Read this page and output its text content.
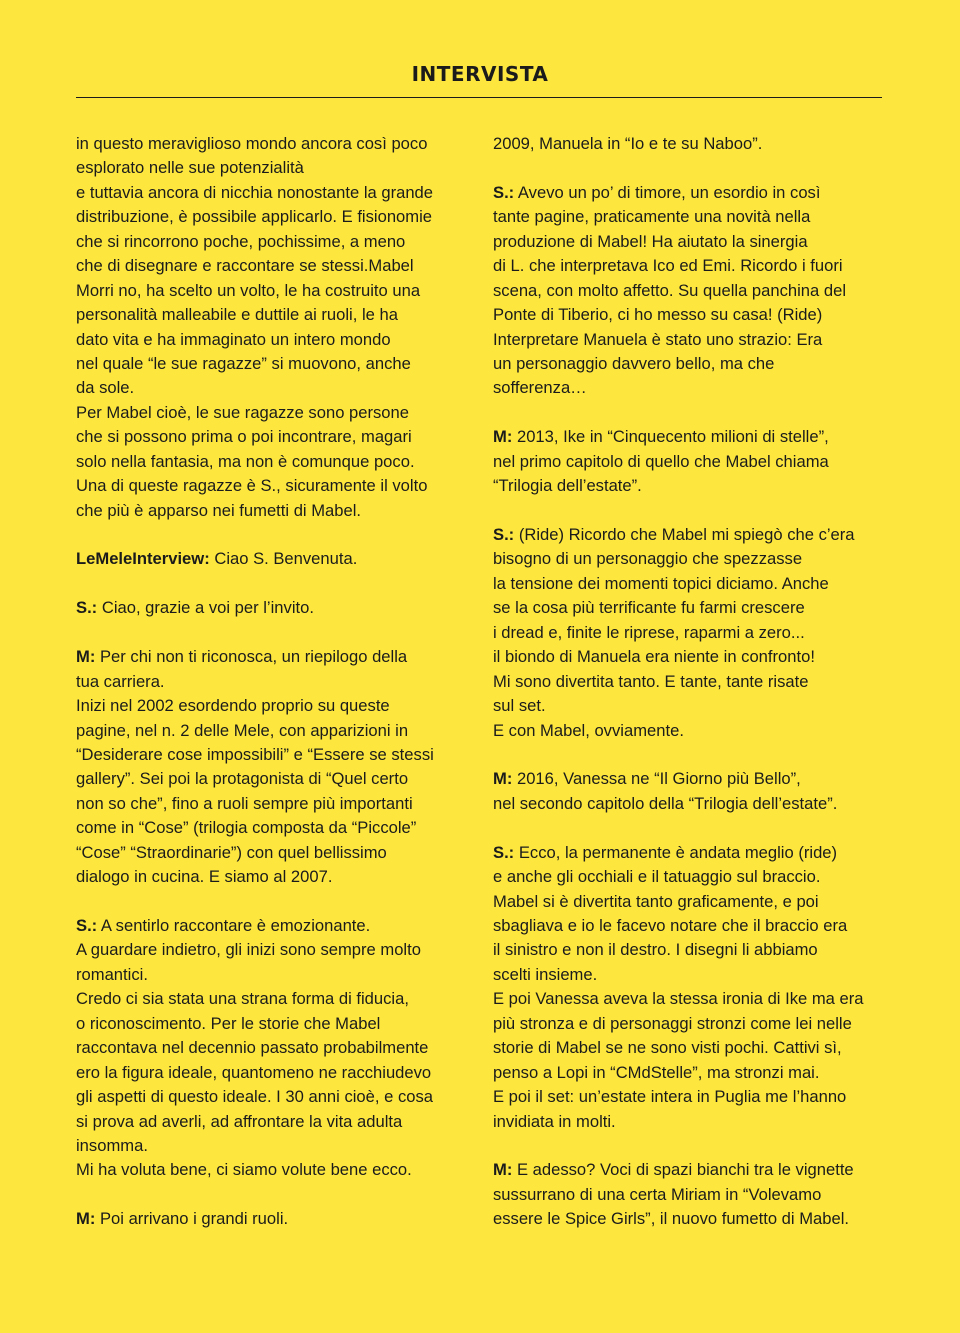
INTERVISTA
in questo meraviglioso mondo ancora così poco
esplorato nelle sue potenzialità
e tuttavia ancora di nicchia nonostante la grande
distribuzione, è possibile applicarlo. E fisionomie
che si rincorrono poche, pochissime, a meno
che di disegnare e raccontare se stessi.Mabel
Morri no, ha scelto un volto, le ha costruito una
personalità malleabile e duttile ai ruoli, le ha
dato vita e ha immaginato un intero mondo
nel quale “le sue ragazze” si muovono, anche
da sole.
Per Mabel cioè, le sue ragazze sono persone
che si possono prima o poi incontrare, magari
solo nella fantasia, ma non è comunque poco.
Una di queste ragazze è S., sicuramente il volto
che più è apparso nei fumetti di Mabel.
LeMeleInterview: Ciao S. Benvenuta.
S.: Ciao, grazie a voi per l’invito.
M: Per chi non ti riconosca, un riepilogo della
tua carriera.
Inizi nel 2002 esordendo proprio su queste
pagine, nel n. 2 delle Mele, con apparizioni in
“Desiderare cose impossibili” e “Essere se stessi
gallery”. Sei poi la protagonista di “Quel certo
non so che”, fino a ruoli sempre più importanti
come in “Cose” (trilogia composta da “Piccole”
“Cose” “Straordinarie”) con quel bellissimo
dialogo in cucina. E siamo al 2007.
S.: A sentirlo raccontare è emozionante.
A guardare indietro, gli inizi sono sempre molto
romantici.
Credo ci sia stata una strana forma di fiducia,
o riconoscimento. Per le storie che Mabel
raccontava nel decennio passato probabilmente
ero la figura ideale, quantomeno ne racchiudevo
gli aspetti di questo ideale. I 30 anni cioè, e cosa
si prova ad averli, ad affrontare la vita adulta
insomma.
Mi ha voluta bene, ci siamo volute bene ecco.
M: Poi arrivano i grandi ruoli.
2009, Manuela in “Io e te su Naboo”.
S.: Avevo un po’ di timore, un esordio in così
tante pagine, praticamente una novità nella
produzione di Mabel! Ha aiutato la sinergia
di L. che interpretava Ico ed Emi. Ricordo i fuori
scena, con molto affetto. Su quella panchina del
Ponte di Tiberio, ci ho messo su casa! (Ride)
Interpretare Manuela è stato uno strazio: Era
un personaggio davvero bello, ma che
sofferenza…
M: 2013, Ike in “Cinquecento milioni di stelle”,
nel primo capitolo di quello che Mabel chiama
“Trilogia dell’estate”.
S.: (Ride) Ricordo che Mabel mi spiegò che c’era
bisogno di un personaggio che spezzasse
la tensione dei momenti topici diciamo. Anche
se la cosa più terrificante fu farmi crescere
i dread e, finite le riprese, raparmi a zero...
il biondo di Manuela era niente in confronto!
Mi sono divertita tanto. E tante, tante risate
sul set.
E con Mabel, ovviamente.
M: 2016, Vanessa ne “Il Giorno più Bello”,
nel secondo capitolo della “Trilogia dell’estate”.
S.: Ecco, la permanente è andata meglio (ride)
e anche gli occhiali e il tatuaggio sul braccio.
Mabel si è divertita tanto graficamente, e poi
sbagliava e io le facevo notare che il braccio era
il sinistro e non il destro. I disegni li abbiamo
scelti insieme.
E poi Vanessa aveva la stessa ironia di Ike ma era
più stronza e di personaggi stronzi come lei nelle
storie di Mabel se ne sono visti pochi. Cattivi sì,
penso a Lopi in “CMdStelle”, ma stronzi mai.
E poi il set: un’estate intera in Puglia me l’hanno
invidiata in molti.
M: E adesso? Voci di spazi bianchi tra le vignette
sussurrano di una certa Miriam in “Volevamo
essere le Spice Girls”, il nuovo fumetto di Mabel.
